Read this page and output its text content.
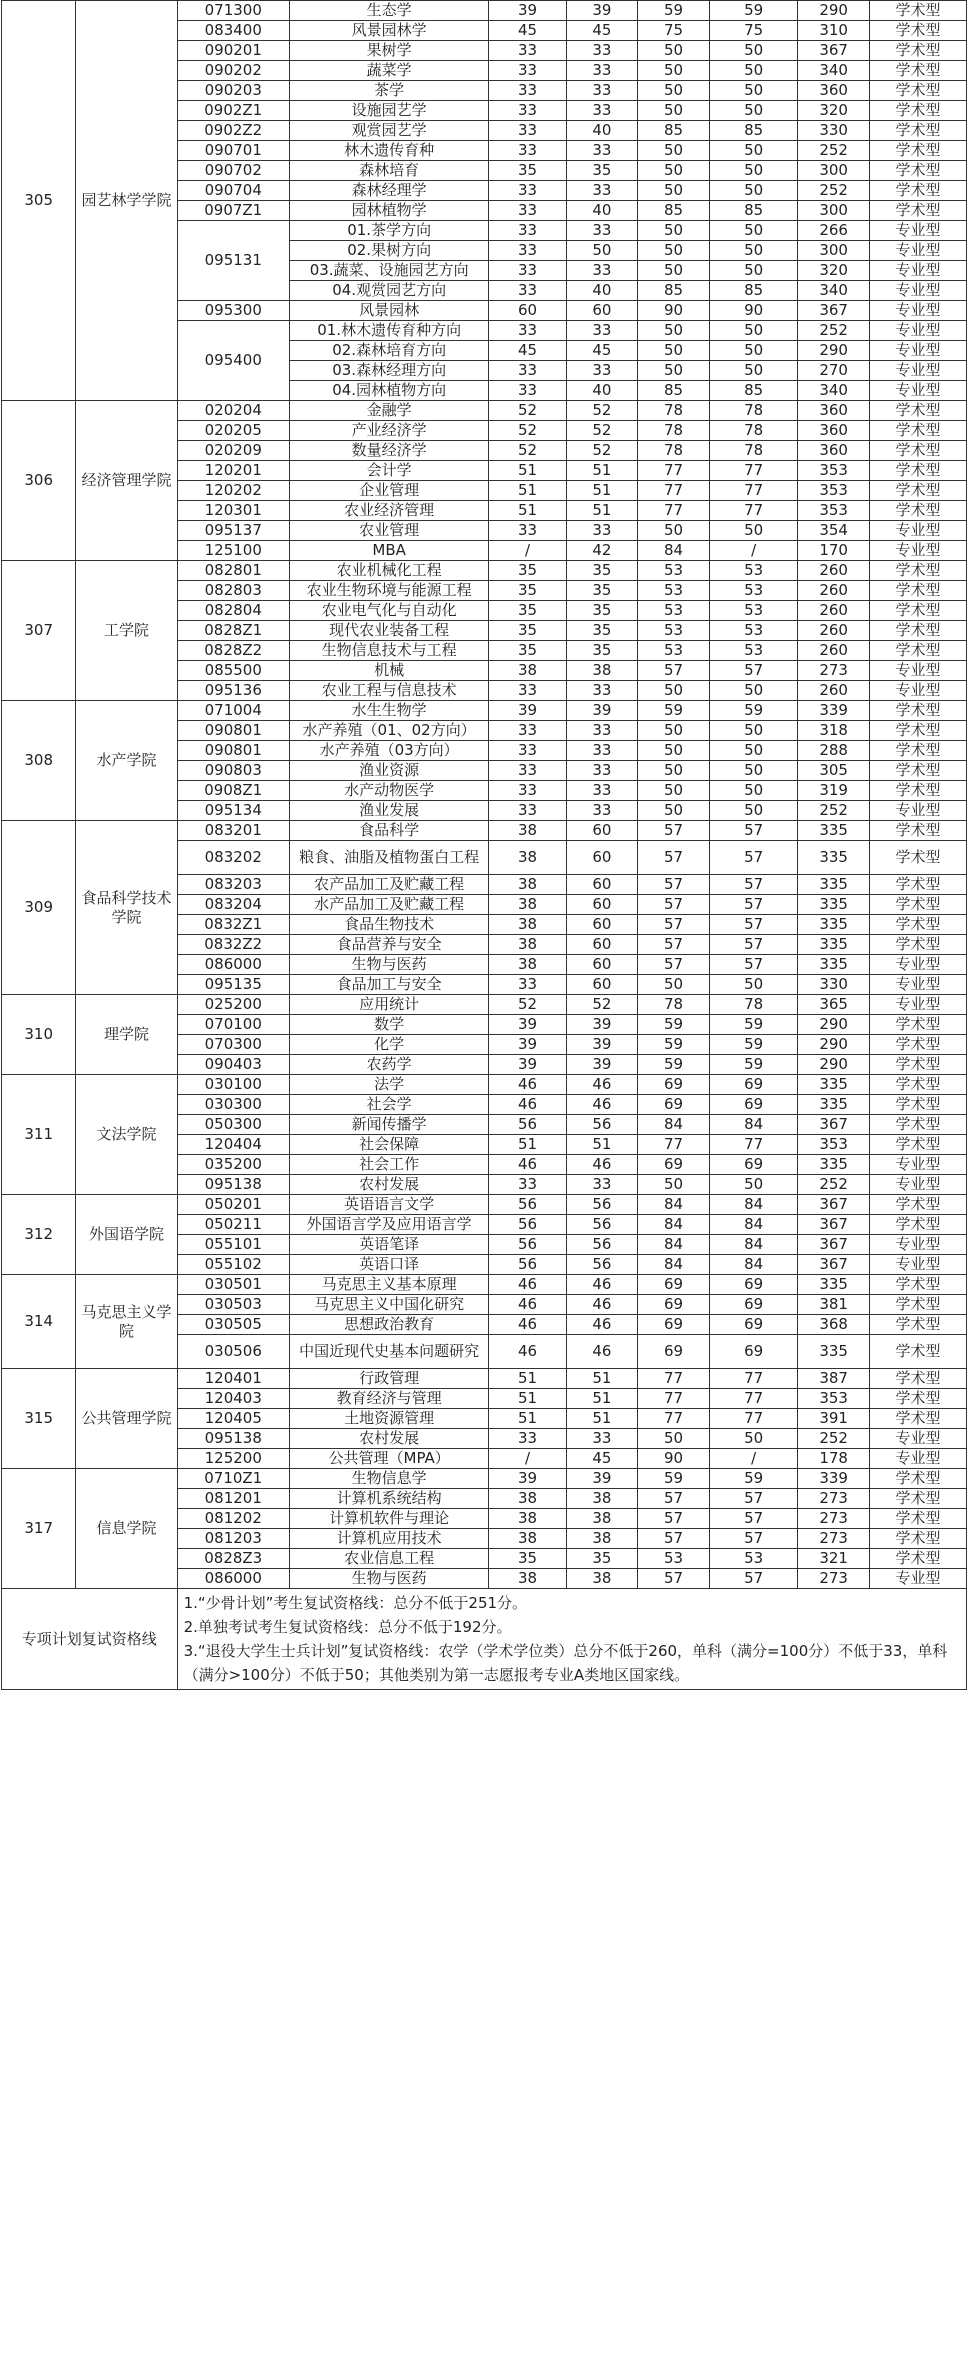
305	园艺林学学院	071300	生态学	39	39	59	59	290	学术型
		083400	风景园林学	45	45	75	75	310	学术型
		090201	果树学	33	33	50	50	367	学术型
		090202	蔬菜学	33	33	50	50	340	学术型
		090203	茶学	33	33	50	50	360	学术型
		0902Z1	设施园艺学	33	33	50	50	320	学术型
		0902Z2	观赏园艺学	33	40	85	85	330	学术型
		090701	林木遗传育种	33	33	50	50	252	学术型
		090702	森林培育	35	35	50	50	300	学术型
		090704	森林经理学	33	33	50	50	252	学术型
		0907Z1	园林植物学	33	40	85	85	300	学术型
		095131	01.茶学方向	33	33	50	50	266	专业型
			02.果树方向	33	50	50	50	300	专业型
			03.蔬菜、设施园艺方向	33	33	50	50	320	专业型
			04.观赏园艺方向	33	40	85	85	340	专业型
		095300	风景园林	60	60	90	90	367	专业型
		095400	01.林木遗传育种方向	33	33	50	50	252	专业型
			02.森林培育方向	45	45	50	50	290	专业型
			03.森林经理方向	33	33	50	50	270	专业型
			04.园林植物方向	33	40	85	85	340	专业型
306	经济管理学院	020204	金融学	52	52	78	78	360	学术型
		020205	产业经济学	52	52	78	78	360	学术型
		020209	数量经济学	52	52	78	78	360	学术型
		120201	会计学	51	51	77	77	353	学术型
		120202	企业管理	51	51	77	77	353	学术型
		120301	农业经济管理	51	51	77	77	353	学术型
		095137	农业管理	33	33	50	50	354	专业型
		125100	MBA	/	42	84	/	170	专业型
307	工学院	082801	农业机械化工程	35	35	53	53	260	学术型
		082803	农业生物环境与能源工程	35	35	53	53	260	学术型
		082804	农业电气化与自动化	35	35	53	53	260	学术型
		0828Z1	现代农业装备工程	35	35	53	53	260	学术型
		0828Z2	生物信息技术与工程	35	35	53	53	260	学术型
		085500	机械	38	38	57	57	273	专业型
		095136	农业工程与信息技术	33	33	50	50	260	专业型
308	水产学院	071004	水生生物学	39	39	59	59	339	学术型
		090801	水产养殖（01、02方向）	33	33	50	50	318	学术型
		090801	水产养殖（03方向）	33	33	50	50	288	学术型
		090803	渔业资源	33	33	50	50	305	学术型
		0908Z1	水产动物医学	33	33	50	50	319	学术型
		095134	渔业发展	33	33	50	50	252	专业型
309	食品科学技术学院	083201	食品科学	38	60	57	57	335	学术型
		083202	粮食、油脂及植物蛋白工程	38	60	57	57	335	学术型
		083203	农产品加工及贮藏工程	38	60	57	57	335	学术型
		083204	水产品加工及贮藏工程	38	60	57	57	335	学术型
		0832Z1	食品生物技术	38	60	57	57	335	学术型
		0832Z2	食品营养与安全	38	60	57	57	335	学术型
		086000	生物与医药	38	60	57	57	335	专业型
		095135	食品加工与安全	33	60	50	50	330	专业型
310	理学院	025200	应用统计	52	52	78	78	365	专业型
		070100	数学	39	39	59	59	290	学术型
		070300	化学	39	39	59	59	290	学术型
		090403	农药学	39	39	59	59	290	学术型
311	文法学院	030100	法学	46	46	69	69	335	学术型
		030300	社会学	46	46	69	69	335	学术型
		050300	新闻传播学	56	56	84	84	367	学术型
		120404	社会保障	51	51	77	77	353	学术型
		035200	社会工作	46	46	69	69	335	专业型
		095138	农村发展	33	33	50	50	252	专业型
312	外国语学院	050201	英语语言文学	56	56	84	84	367	学术型
		050211	外国语言学及应用语言学	56	56	84	84	367	学术型
		055101	英语笔译	56	56	84	84	367	专业型
		055102	英语口译	56	56	84	84	367	专业型
314	马克思主义学院	030501	马克思主义基本原理	46	46	69	69	335	学术型
		030503	马克思主义中国化研究	46	46	69	69	381	学术型
		030505	思想政治教育	46	46	69	69	368	学术型
		030506	中国近现代史基本问题研究	46	46	69	69	335	学术型
315	公共管理学院	120401	行政管理	51	51	77	77	387	学术型
		120403	教育经济与管理	51	51	77	77	353	学术型
		120405	土地资源管理	51	51	77	77	391	学术型
		095138	农村发展	33	33	50	50	252	专业型
		125200	公共管理（MPA）	/	45	90	/	178	专业型
317	信息学院	0710Z1	生物信息学	39	39	59	59	339	学术型
		081201	计算机系统结构	38	38	57	57	273	学术型
		081202	计算机软件与理论	38	38	57	57	273	学术型
		081203	计算机应用技术	38	38	57	57	273	学术型
		0828Z3	农业信息工程	35	35	53	53	321	学术型
		086000	生物与医药	38	38	57	57	273	专业型
专项计划复试资格线		1.“少骨计划”考生复试资格线：总分不低于251分。
2.单独考试考生复试资格线：总分不低于192分。
3.“退役大学生士兵计划”复试资格线：农学（学术学位类）总分不低于260，单科（满分=100分）不低于33，单科（满分>100分）不低于50；其他类别为第一志愿报考专业A类地区国家线。							
